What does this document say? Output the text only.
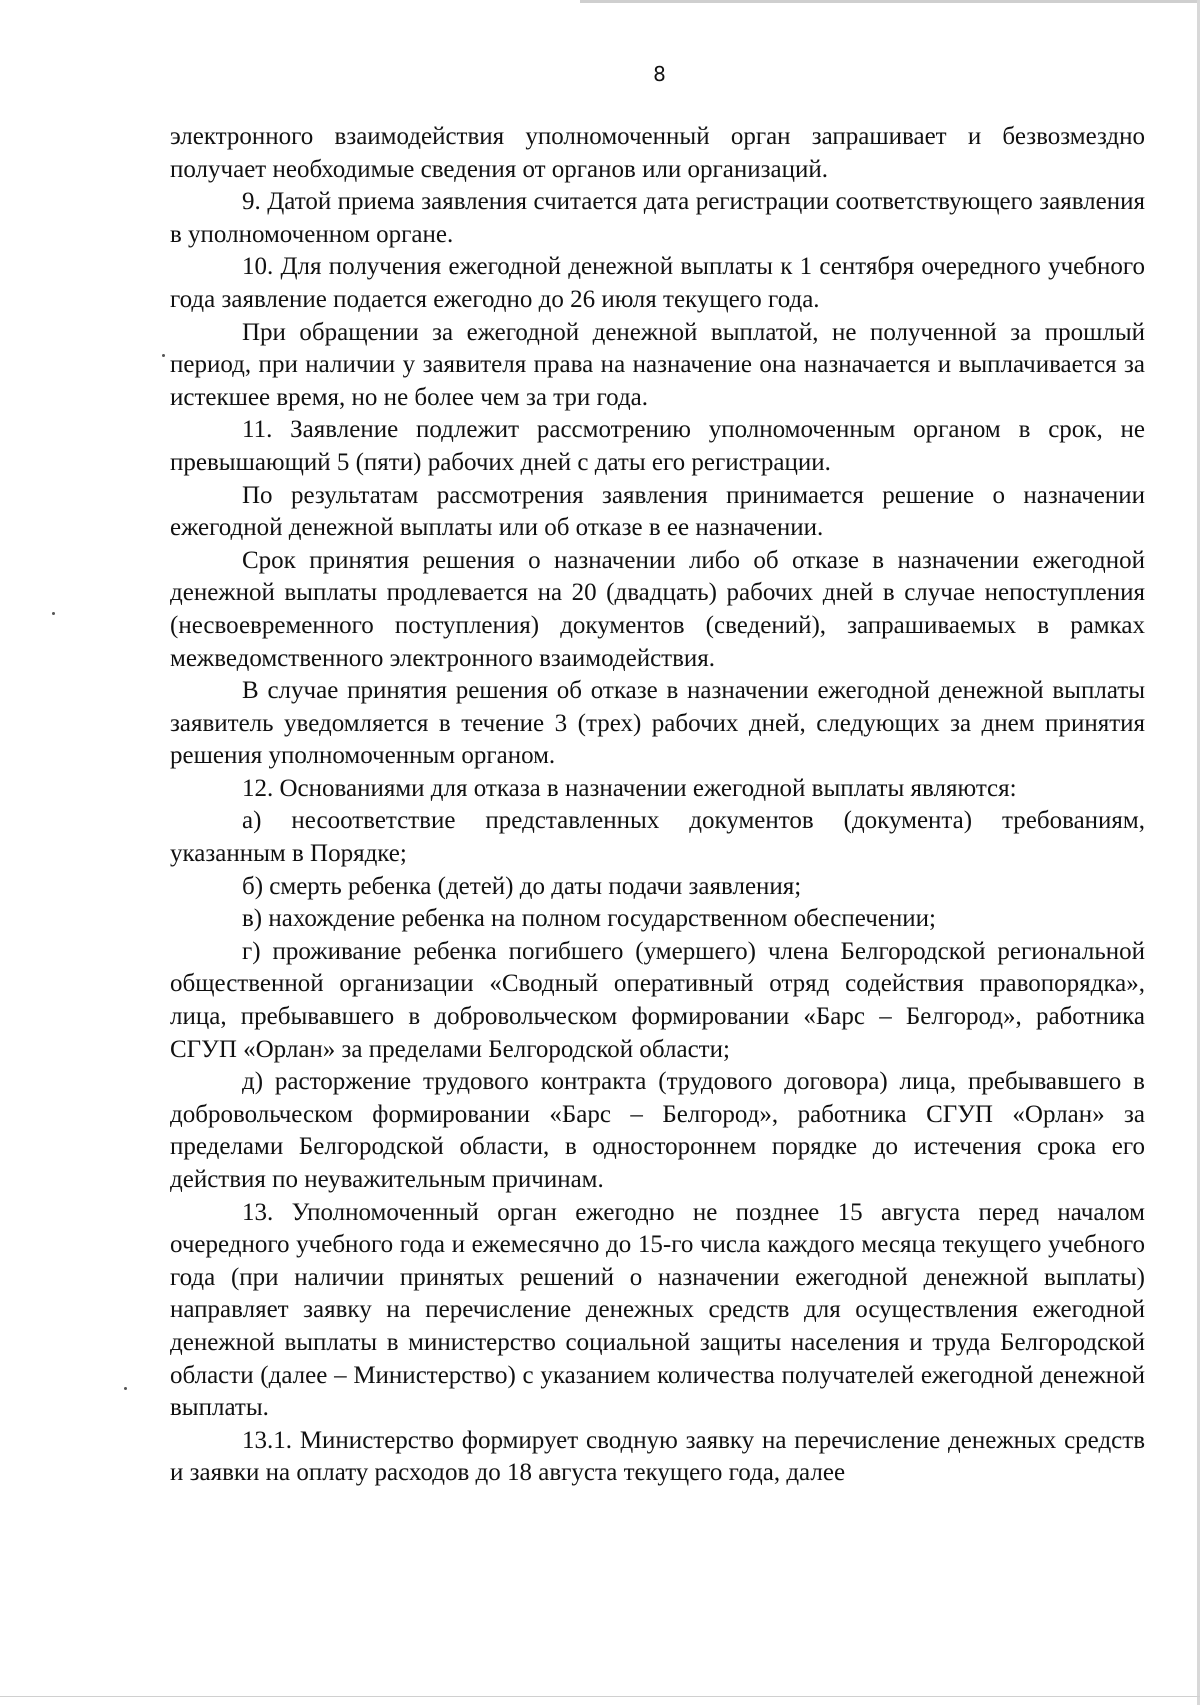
8

электронного взаимодействия уполномоченный орган запрашивает и безвозмездно получает необходимые сведения от органов или организаций.

9. Датой приема заявления считается дата регистрации соответствующего заявления в уполномоченном органе.

10. Для получения ежегодной денежной выплаты к 1 сентября очередного учебного года заявление подается ежегодно до 26 июля текущего года.

При обращении за ежегодной денежной выплатой, не полученной за прошлый период, при наличии у заявителя права на назначение она назначается и выплачивается за истекшее время, но не более чем за три года.

11. Заявление подлежит рассмотрению уполномоченным органом в срок, не превышающий 5 (пяти) рабочих дней с даты его регистрации.

По результатам рассмотрения заявления принимается решение о назначении ежегодной денежной выплаты или об отказе в ее назначении.

Срок принятия решения о назначении либо об отказе в назначении ежегодной денежной выплаты продлевается на 20 (двадцать) рабочих дней в случае непоступления (несвоевременного поступления) документов (сведений), запрашиваемых в рамках межведомственного электронного взаимодействия.

В случае принятия решения об отказе в назначении ежегодной денежной выплаты заявитель уведомляется в течение 3 (трех) рабочих дней, следующих за днем принятия решения уполномоченным органом.

12. Основаниями для отказа в назначении ежегодной выплаты являются:

а) несоответствие представленных документов (документа) требованиям, указанным в Порядке;

б) смерть ребенка (детей) до даты подачи заявления;

в) нахождение ребенка на полном государственном обеспечении;

г) проживание ребенка погибшего (умершего) члена Белгородской региональной общественной организации «Сводный оперативный отряд содействия правопорядка», лица, пребывавшего в добровольческом формировании «Барс – Белгород», работника СГУП «Орлан» за пределами Белгородской области;

д) расторжение трудового контракта (трудового договора) лица, пребывавшего в добровольческом формировании «Барс – Белгород», работника СГУП «Орлан» за пределами Белгородской области, в одностороннем порядке до истечения срока его действия по неуважительным причинам.

13. Уполномоченный орган ежегодно не позднее 15 августа перед началом очередного учебного года и ежемесячно до 15-го числа каждого месяца текущего учебного года (при наличии принятых решений о назначении ежегодной денежной выплаты) направляет заявку на перечисление денежных средств для осуществления ежегодной денежной выплаты в министерство социальной защиты населения и труда Белгородской области (далее – Министерство) с указанием количества получателей ежегодной денежной выплаты.

13.1. Министерство формирует сводную заявку на перечисление денежных средств и заявки на оплату расходов до 18 августа текущего года, далее
